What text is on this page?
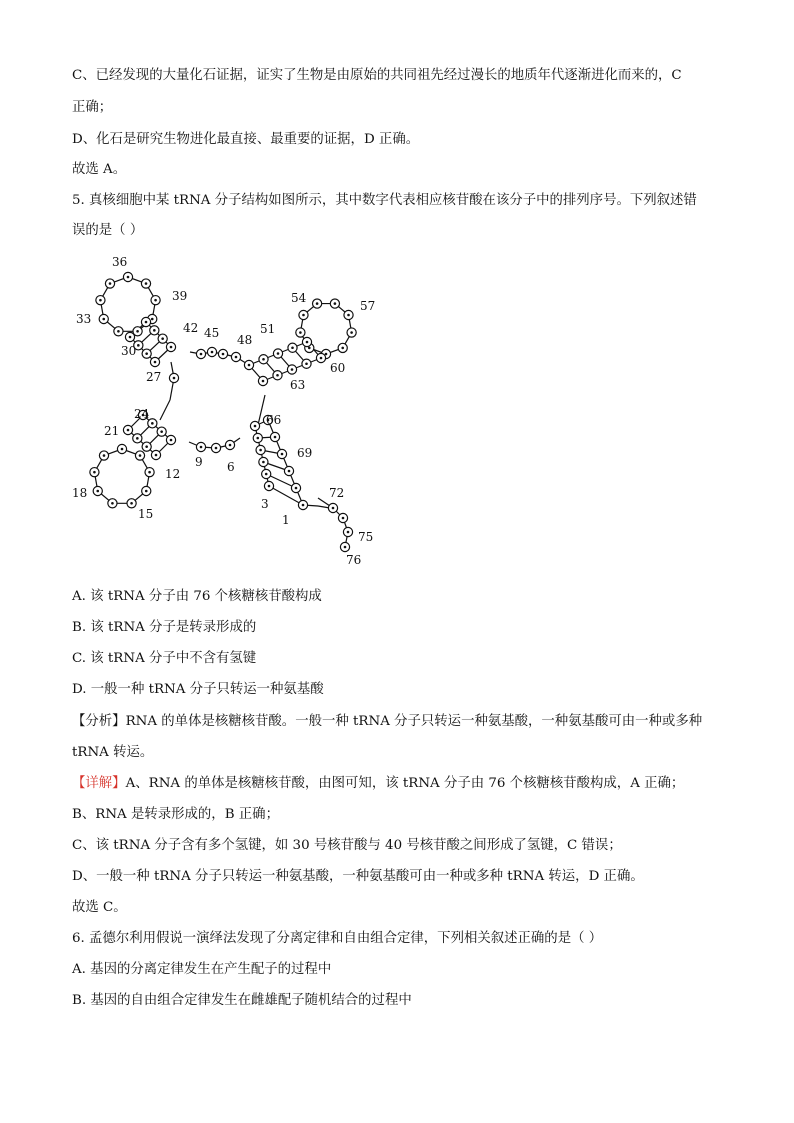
C、已经发现的大量化石证据，证实了生物是由原始的共同祖先经过漫长的地质年代逐渐进化而来的，C
正确；
D、化石是研究生物进化最直接、最重要的证据，D 正确。
故选 A。
5. 真核细胞中某 tRNA 分子结构如图所示，其中数字代表相应核苷酸在该分子中的排列序号。下列叙述错
误的是（ ）
36
39
33
42 45 48
51
54
57
30
27
63
60
24	66
21
12
9 6
69
18
15
72
3
1
75
76
A. 该 tRNA 分子由 76 个核糖核苷酸构成
B. 该 tRNA 分子是转录形成的
C. 该 tRNA 分子中不含有氢键
D. 一般一种 tRNA 分子只转运一种氨基酸
【分析】RNA 的单体是核糖核苷酸。一般一种 tRNA 分子只转运一种氨基酸，一种氨基酸可由一种或多种
tRNA 转运。
【详解】A、RNA 的单体是核糖核苷酸，由图可知，该 tRNA 分子由 76 个核糖核苷酸构成，A 正确；
B、RNA 是转录形成的，B 正确；
C、该 tRNA 分子含有多个氢键，如 30 号核苷酸与 40 号核苷酸之间形成了氢键，C 错误；
D、一般一种 tRNA 分子只转运一种氨基酸，一种氨基酸可由一种或多种 tRNA 转运，D 正确。
故选 C。
6. 孟德尔利用假说一演绎法发现了分离定律和自由组合定律，下列相关叙述正确的是（ ）
A. 基因的分离定律发生在产生配子的过程中
B. 基因的自由组合定律发生在雌雄配子随机结合的过程中
